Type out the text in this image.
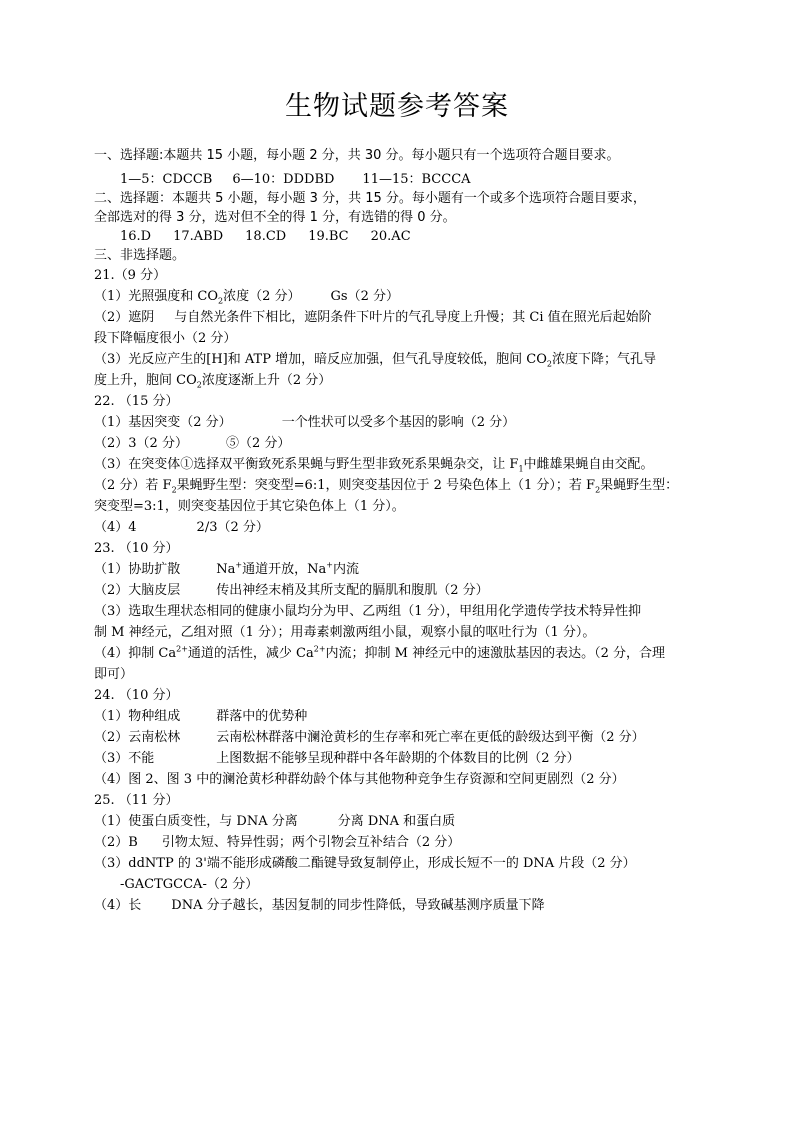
生物试题参考答案
一、选择题:本题共 15 小题，每小题 2 分，共 30 分。每小题只有一个选项符合题目要求。
1—5：CDCCB 6—10：DDDBD 11—15：BCCCA
二、选择题：本题共 5 小题，每小题 3 分，共 15 分。每小题有一个或多个选项符合题目要求，
全部选对的得 3 分，选对但不全的得 1 分，有选错的得 0 分。
16.D 17.ABD 18.CD 19.BC 20.AC
三、非选择题。
21.（9 分）
（1）光照强度和 $CO_2$浓度（2 分） Gs（2 分）
（2）遮阴 与自然光条件下相比，遮阴条件下叶片的气孔导度上升慢；其 Ci 值在照光后起始阶
段下降幅度很小（2 分）
（3）光反应产生的[H]和 ATP 增加，暗反应加强，但气孔导度较低，胞间 $CO_2$浓度下降；气孔导
度上升，胞间 $CO_2$浓度逐渐上升（2 分）
22. （15 分）
（1）基因突变（2 分）	一个性状可以受多个基因的影响（2 分）
（2）3（2 分）	⑤（2 分）
（3）在突变体①选择双平衡致死系果蝇与野生型非致死系果蝇杂交，让 $F_1$中雌雄果蝇自由交配。
（2 分）若 $F_2$果蝇野生型：突变型=6:1，则突变基因位于 2 号染色体上（1 分）；若 $F_2$果蝇野生型：
突变型=3:1，则突变基因位于其它染色体上（1 分）。
（4）4	2/3（2 分）
23. （10 分）
（1）协助扩散	Na+通道开放，Na+内流
（2）大脑皮层	传出神经末梢及其所支配的膈肌和腹肌（2 分）
（3）选取生理状态相同的健康小鼠均分为甲、乙两组（1 分），甲组用化学遗传学技术特异性抑
制 M 神经元，乙组对照（1 分）；用毒素刺激两组小鼠，观察小鼠的呕吐行为（1 分）。
（4）抑制 $Ca^{2+}$通道的活性，减少 $Ca^{2+}$内流；抑制 M 神经元中的速激肽基因的表达。（2 分，合理
即可）
24. （10 分）
（1）物种组成	群落中的优势种
（2）云南松林	云南松林群落中澜沧黄杉的生存率和死亡率在更低的龄级达到平衡（2 分）
（3）不能	上图数据不能够呈现种群中各年龄期的个体数目的比例（2 分）
（4）图 2、图 3 中的澜沧黄杉种群幼龄个体与其他物种竞争生存资源和空间更剧烈（2 分）
25. （11 分）
（1）使蛋白质变性，与 DNA 分离	分离 DNA 和蛋白质
（2）B 引物太短、特异性弱；两个引物会互补结合（2 分）
（3）ddNTP 的 3'端不能形成磷酸二酯键导致复制停止，形成长短不一的 DNA 片段（2 分）
-GACTGCCA-（2 分）
（4）长 DNA 分子越长，基因复制的同步性降低，导致碱基测序质量下降
